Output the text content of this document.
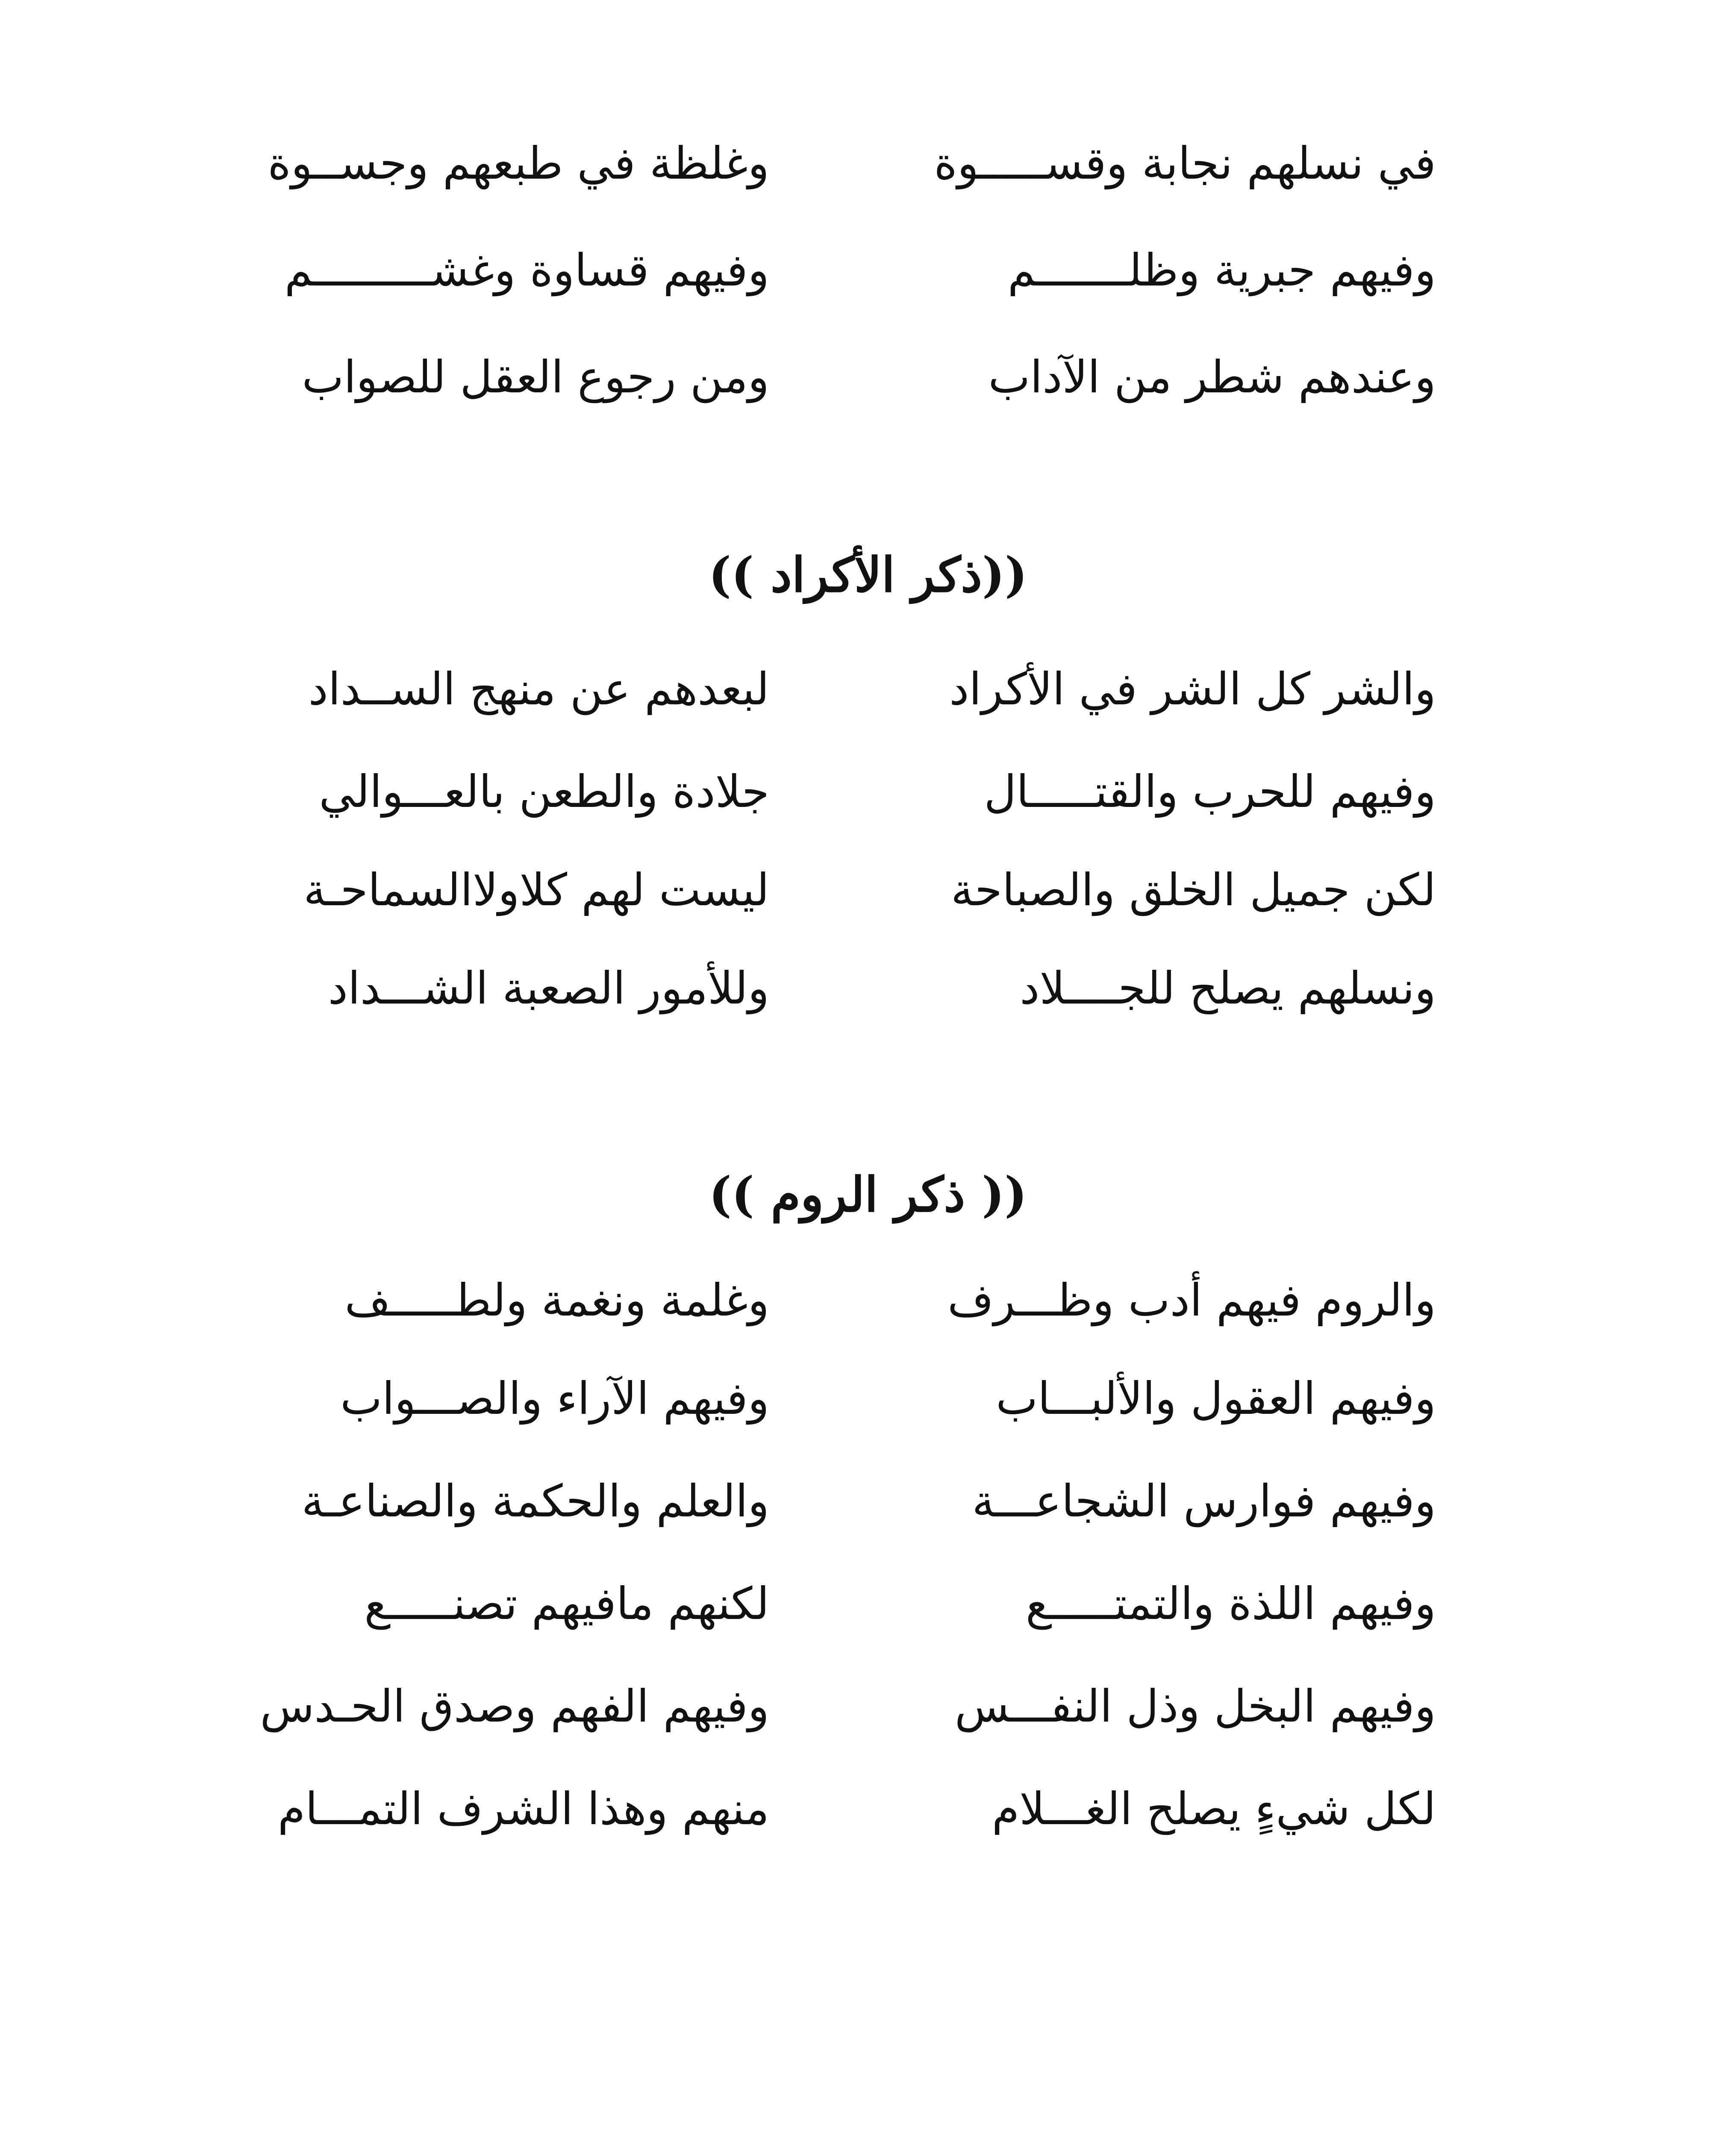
في نسلهم نجابة وقســـــوة
وغلظة في طبعهم وجســوة
وفيهم جبرية وظلـــــــم
وفيهم قساوة وغشـــــــــم
وعندهم شطر من الآداب
ومن رجوع العقل للصواب
((ذكر الأكراد ))
والشر كل الشر في الأكراد
لبعدهم عن منهج الســداد
وفيهم للحرب والقتـــــال
جلادة والطعن بالعـــوالي
لكن جميل الخلق والصباحة
ليست لهم كلاولاالسماحـة
ونسلهم يصلح للجــــلاد
وللأمور الصعبة الشـــداد
(( ذكر الروم ))
والروم فيهم أدب وظـــرف
وغلمة ونغمة ولطـــــف
وفيهم العقول والألبـــاب
وفيهم الآراء والصـــواب
وفيهم فوارس الشجاعـــة
والعلم والحكمة والصناعـة
وفيهم اللذة والتمتـــــع
لكنهم مافيهم تصنـــــع
وفيهم البخل وذل النفـــس
وفيهم الفهم وصدق الحـدس
لكل شيءٍ يصلح الغـــلام
منهم وهذا الشرف التمـــام
